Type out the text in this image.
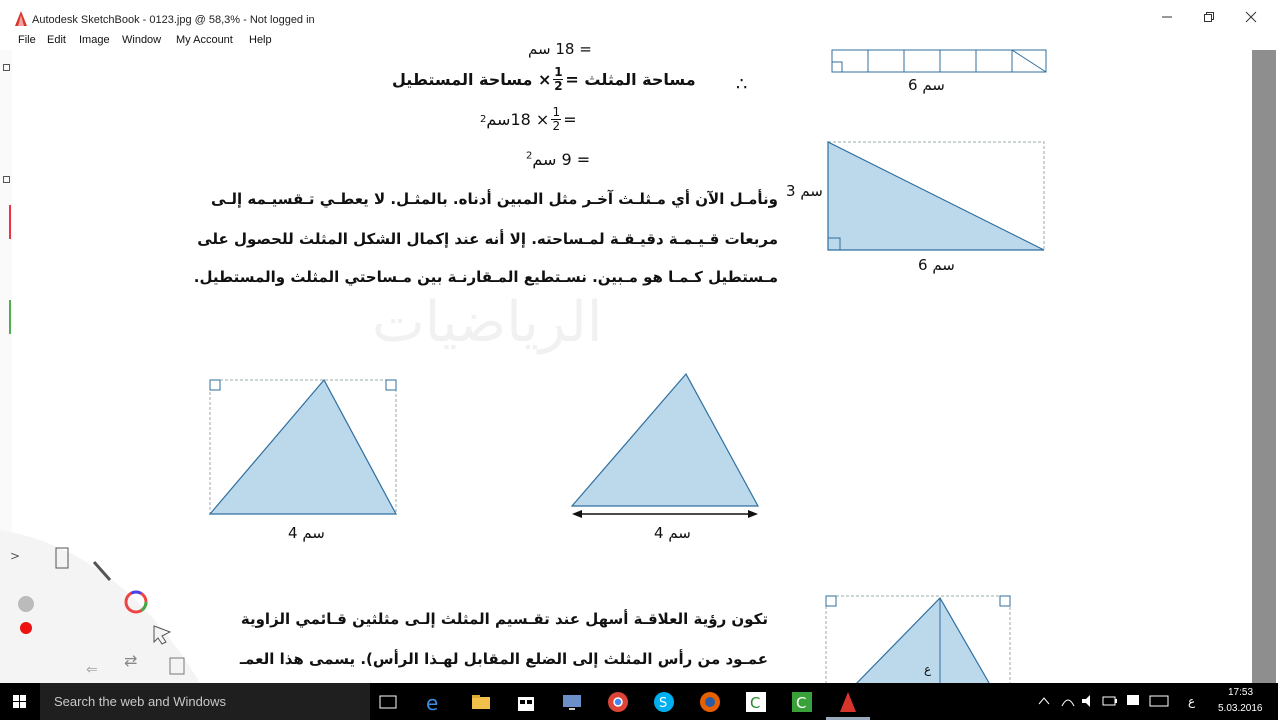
Autodesk SketchBook - 0123.jpg @ 58,3% - Not logged in
File Edit Image Window My Account Help
الرياضيات
= 18 سم
∴
مساحة المثلث =
$\frac{1}{2}$
× مساحة المستطيل
=
$\frac{1}{2}$
× 18سم
2
= 9 سم$^2$
ونأمـل الآن أي مـثلـث آخـر مثل المبين أدناه. بالمثـل. لا يعطـي تـقسيـمه إلـى
مربعات قـيـمـة دقيـقـة لمـساحته. إلا أنه عند إكمال الشكل المثلث للحصول على
مـستطيل كـمـا هو مـبين. نسـتطيع المـقارنـة بين مـساحتي المثلث والمستطيل.
6 سم
3 سم
6 سم
4 سم	4 سم
تكون رؤية العلاقـة أسهل عند تقـسيم المثلث إلـى مثلثين قـائمي الزاوية
عمـود من رأس المثلث إلى الضلع المقابل لهـذا الرأس). يسمى هذا العمـ
ع
>
⇄
⇐
Search the web and Windows	e	S	C C	ع
17:53
5.03.2016
